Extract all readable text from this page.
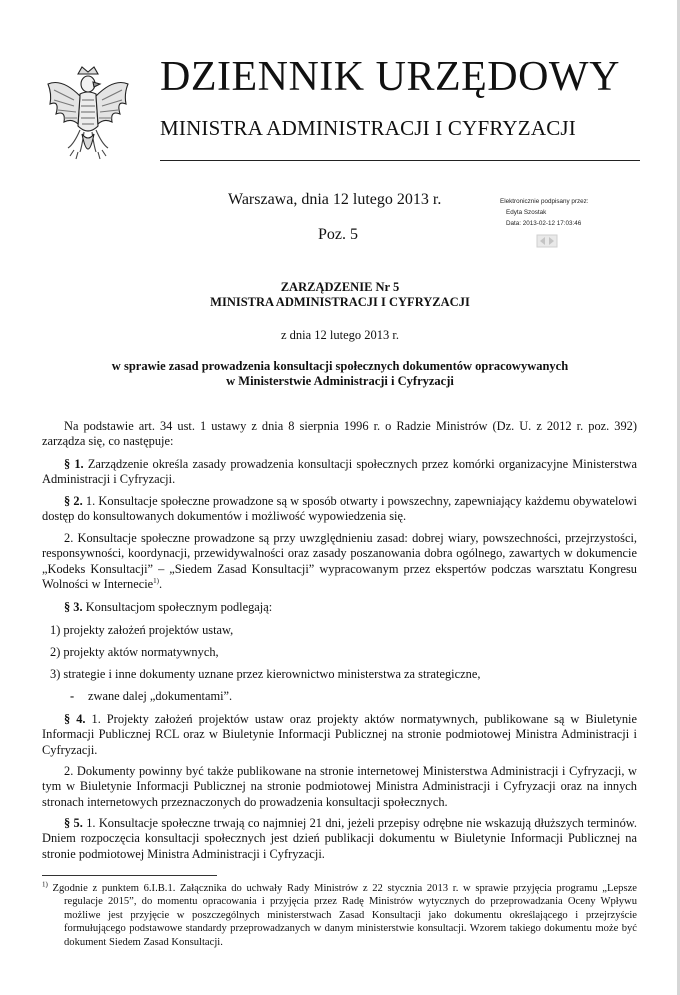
DZIENNIK URZĘDOWY
MINISTRA ADMINISTRACJI I CYFRYZACJI
Warszawa, dnia 12 lutego 2013 r.
Poz. 5
Elektronicznie podpisany przez:
Edyta Szostak
Data: 2013-02-12 17:03:46
ZARZĄDZENIE Nr 5
MINISTRA ADMINISTRACJI I CYFRYZACJI
z dnia 12 lutego 2013 r.
w sprawie zasad prowadzenia konsultacji społecznych dokumentów opracowywanych
w Ministerstwie Administracji i Cyfryzacji

Na podstawie art. 34 ust. 1 ustawy z dnia 8 sierpnia 1996 r. o Radzie Ministrów (Dz. U. z 2012 r. poz. 392) zarządza się, co następuje:

§ 1. Zarządzenie określa zasady prowadzenia konsultacji społecznych przez komórki organizacyjne Ministerstwa Administracji i Cyfryzacji.

§ 2. 1. Konsultacje społeczne prowadzone są w sposób otwarty i powszechny, zapewniający każdemu obywatelowi dostęp do konsultowanych dokumentów i możliwość wypowiedzenia się.

2. Konsultacje społeczne prowadzone są przy uwzględnieniu zasad: dobrej wiary, powszechności, przejrzystości, responsywności, koordynacji, przewidywalności oraz zasady poszanowania dobra ogólnego, zawartych w dokumencie „Kodeks Konsultacji” – „Siedem Zasad Konsultacji” wypracowanym przez ekspertów podczas warsztatu Kongresu Wolności w Internecie$^{1)}$.

§ 3. Konsultacjom społecznym podlegają:

1) projekty założeń projektów ustaw,
2) projekty aktów normatywnych,
3) strategie i inne dokumenty uznane przez kierownictwo ministerstwa za strategiczne,
- zwane dalej „dokumentami”.

§ 4. 1. Projekty założeń projektów ustaw oraz projekty aktów normatywnych, publikowane są w Biuletynie Informacji Publicznej RCL oraz w Biuletynie Informacji Publicznej na stronie podmiotowej Ministra Administracji i Cyfryzacji.

2. Dokumenty powinny być także publikowane na stronie internetowej Ministerstwa Administracji i Cyfryzacji, w tym w Biuletynie Informacji Publicznej na stronie podmiotowej Ministra Administracji i Cyfryzacji oraz na innych stronach internetowych przeznaczonych do prowadzenia konsultacji społecznych.

§ 5. 1. Konsultacje społeczne trwają co najmniej 21 dni, jeżeli przepisy odrębne nie wskazują dłuższych terminów. Dniem rozpoczęcia konsultacji społecznych jest dzień publikacji dokumentu w Biuletynie Informacji Publicznej na stronie podmiotowej Ministra Administracji i Cyfryzacji.

$^{1)}$ Zgodnie z punktem 6.I.B.1. Załącznika do uchwały Rady Ministrów z 22 stycznia 2013 r. w sprawie przyjęcia programu „Lepsze regulacje 2015”, do momentu opracowania i przyjęcia przez Radę Ministrów wytycznych do przeprowadzania Oceny Wpływu możliwe jest przyjęcie w poszczególnych ministerstwach Zasad Konsultacji jako dokumentu określającego i przejrzyście formułującego podstawowe standardy przeprowadzanych w danym ministerstwie konsultacji. Wzorem takiego dokumentu może być dokument Siedem Zasad Konsultacji.
